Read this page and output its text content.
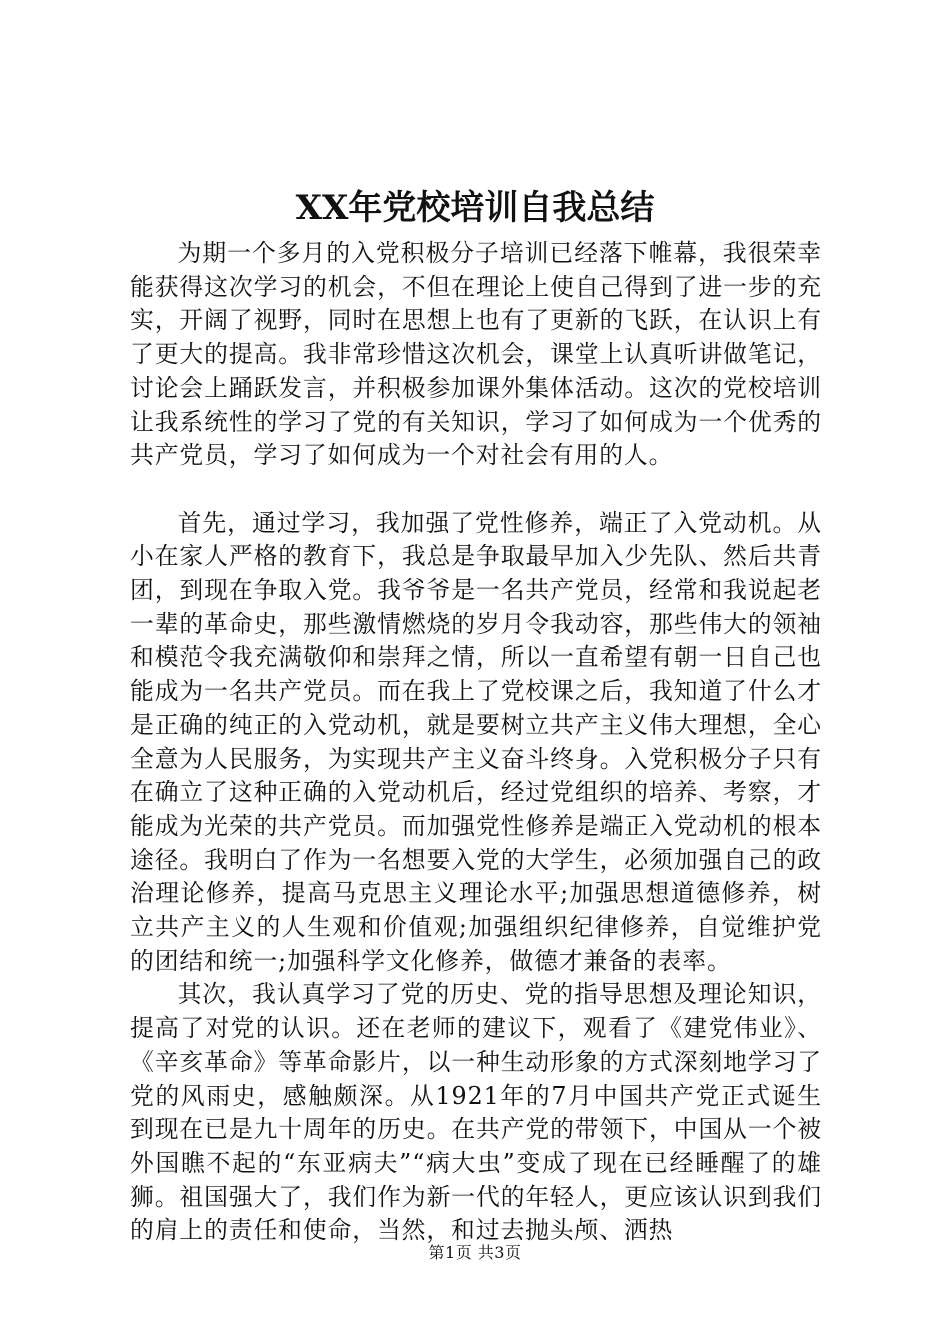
XX年党校培训自我总结

为期一个多月的入党积极分子培训已经落下帷幕，我很荣幸能获得这次学习的机会，不但在理论上使自己得到了进一步的充实，开阔了视野，同时在思想上也有了更新的飞跃，在认识上有了更大的提高。我非常珍惜这次机会，课堂上认真听讲做笔记，讨论会上踊跃发言，并积极参加课外集体活动。这次的党校培训让我系统性的学习了党的有关知识，学习了如何成为一个优秀的共产党员，学习了如何成为一个对社会有用的人。

首先，通过学习，我加强了党性修养，端正了入党动机。从小在家人严格的教育下，我总是争取最早加入少先队、然后共青团，到现在争取入党。我爷爷是一名共产党员，经常和我说起老一辈的革命史，那些激情燃烧的岁月令我动容，那些伟大的领袖和模范令我充满敬仰和崇拜之情，所以一直希望有朝一日自己也能成为一名共产党员。而在我上了党校课之后，我知道了什么才是正确的纯正的入党动机，就是要树立共产主义伟大理想，全心全意为人民服务，为实现共产主义奋斗终身。入党积极分子只有在确立了这种正确的入党动机后，经过党组织的培养、考察，才能成为光荣的共产党员。而加强党性修养是端正入党动机的根本途径。我明白了作为一名想要入党的大学生，必须加强自己的政治理论修养，提高马克思主义理论水平;加强思想道德修养，树立共产主义的人生观和价值观;加强组织纪律修养，自觉维护党的团结和统一;加强科学文化修养，做德才兼备的表率。

其次，我认真学习了党的历史、党的指导思想及理论知识，提高了对党的认识。还在老师的建议下，观看了《建党伟业》、《辛亥革命》等革命影片，以一种生动形象的方式深刻地学习了党的风雨史，感触颇深。从1921年的7月中国共产党正式诞生到现在已是九十周年的历史。在共产党的带领下，中国从一个被外国瞧不起的“东亚病夫”“病大虫”变成了现在已经睡醒了的雄狮。祖国强大了，我们作为新一代的年轻人，更应该认识到我们的肩上的责任和使命，当然，和过去抛头颅、洒热

第1页 共3页
